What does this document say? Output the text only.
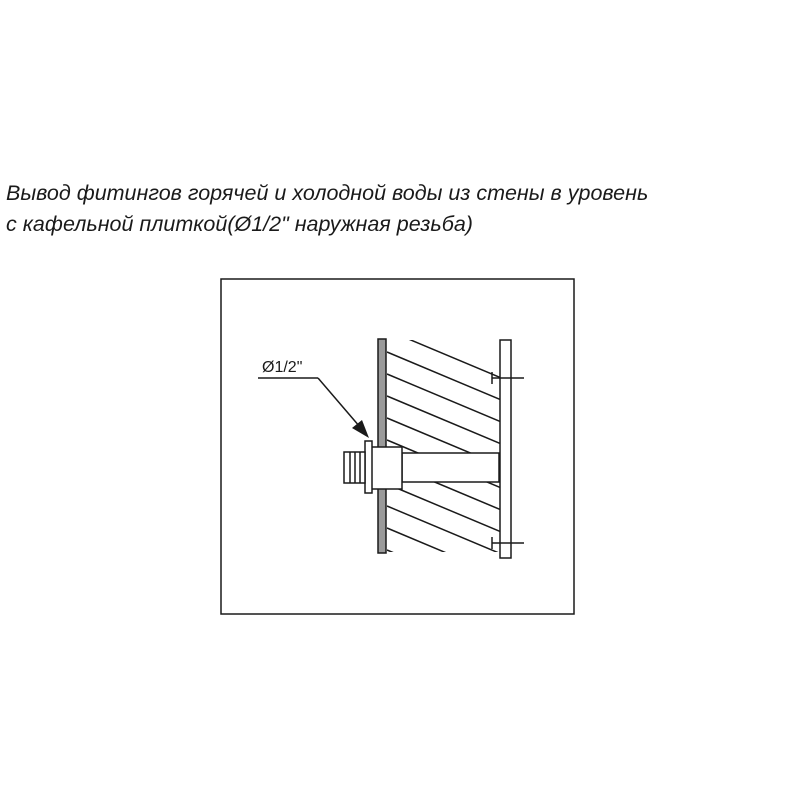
Вывод фитингов горячей и холодной воды из стены в уровень
с кафельной плиткой(Ø1/2" наружная резьба)
Ø1/2"
